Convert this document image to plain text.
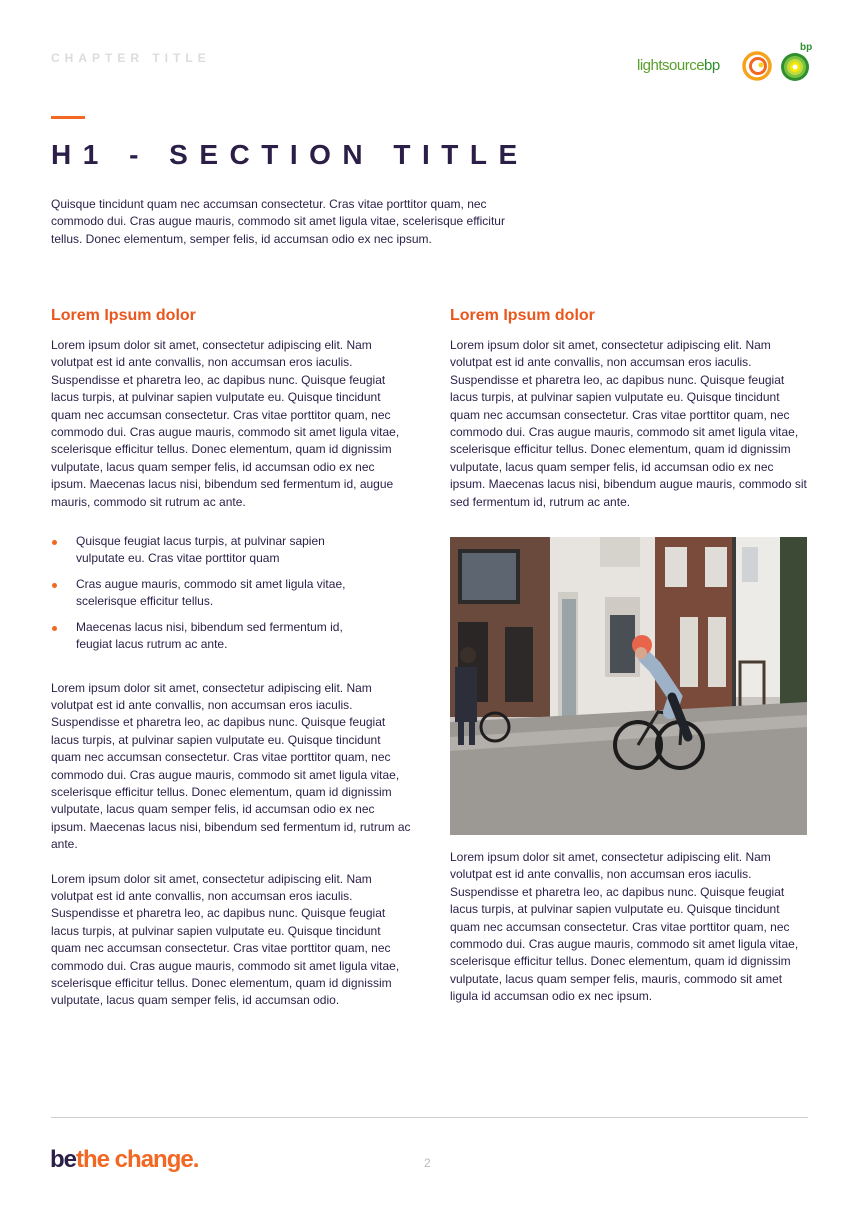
CHAPTER TITLE	lightsourcebp
bp
H1 - SECTION TITLE

Quisque tincidunt quam nec accumsan consectetur. Cras vitae porttitor quam, nec commodo dui. Cras augue mauris, commodo sit amet ligula vitae, scelerisque efficitur tellus. Donec elementum, semper felis, id accumsan odio ex nec ipsum.

Lorem Ipsum dolor

Lorem ipsum dolor sit amet, consectetur adipiscing elit. Nam volutpat est id ante convallis, non accumsan eros iaculis. Suspendisse et pharetra leo, ac dapibus nunc. Quisque feugiat lacus turpis, at pulvinar sapien vulputate eu. Quisque tincidunt quam nec accumsan consectetur. Cras vitae porttitor quam, nec commodo dui. Cras augue mauris, commodo sit amet ligula vitae, scelerisque efficitur tellus. Donec elementum, quam id dignissim vulputate, lacus quam semper felis, id accumsan odio ex nec ipsum. Maecenas lacus nisi, bibendum sed fermentum id, augue mauris, commodo sit rutrum ac ante.

Quisque feugiat lacus turpis, at pulvinar sapien vulputate eu. Cras vitae porttitor quam
Cras augue mauris, commodo sit amet ligula vitae, scelerisque efficitur tellus.
Maecenas lacus nisi, bibendum sed fermentum id, feugiat lacus rutrum ac ante.

Lorem ipsum dolor sit amet, consectetur adipiscing elit. Nam volutpat est id ante convallis, non accumsan eros iaculis. Suspendisse et pharetra leo, ac dapibus nunc. Quisque feugiat lacus turpis, at pulvinar sapien vulputate eu. Quisque tincidunt quam nec accumsan consectetur. Cras vitae porttitor quam, nec commodo dui. Cras augue mauris, commodo sit amet ligula vitae, scelerisque efficitur tellus. Donec elementum, quam id dignissim vulputate, lacus quam semper felis, id accumsan odio ex nec ipsum. Maecenas lacus nisi, bibendum sed fermentum id, rutrum ac ante.

Lorem ipsum dolor sit amet, consectetur adipiscing elit. Nam volutpat est id ante convallis, non accumsan eros iaculis. Suspendisse et pharetra leo, ac dapibus nunc. Quisque feugiat lacus turpis, at pulvinar sapien vulputate eu. Quisque tincidunt quam nec accumsan consectetur. Cras vitae porttitor quam, nec commodo dui. Cras augue mauris, commodo sit amet ligula vitae, scelerisque efficitur tellus. Donec elementum, quam id dignissim vulputate, lacus quam semper felis, id accumsan odio.

Lorem Ipsum dolor

Lorem ipsum dolor sit amet, consectetur adipiscing elit. Nam volutpat est id ante convallis, non accumsan eros iaculis. Suspendisse et pharetra leo, ac dapibus nunc. Quisque feugiat lacus turpis, at pulvinar sapien vulputate eu. Quisque tincidunt quam nec accumsan consectetur. Cras vitae porttitor quam, nec commodo dui. Cras augue mauris, commodo sit amet ligula vitae, scelerisque efficitur tellus. Donec elementum, quam id dignissim vulputate, lacus quam semper felis, id accumsan odio ex nec ipsum. Maecenas lacus nisi, bibendum augue mauris, commodo sit sed fermentum id, rutrum ac ante.

Lorem ipsum dolor sit amet, consectetur adipiscing elit. Nam volutpat est id ante convallis, non accumsan eros iaculis. Suspendisse et pharetra leo, ac dapibus nunc. Quisque feugiat lacus turpis, at pulvinar sapien vulputate eu. Quisque tincidunt quam nec accumsan consectetur. Cras vitae porttitor quam, nec commodo dui. Cras augue mauris, commodo sit amet ligula vitae, scelerisque efficitur tellus. Donec elementum, quam id dignissim vulputate, lacus quam semper felis, mauris, commodo sit amet ligula id accumsan odio ex nec ipsum.

bethe change.	2
